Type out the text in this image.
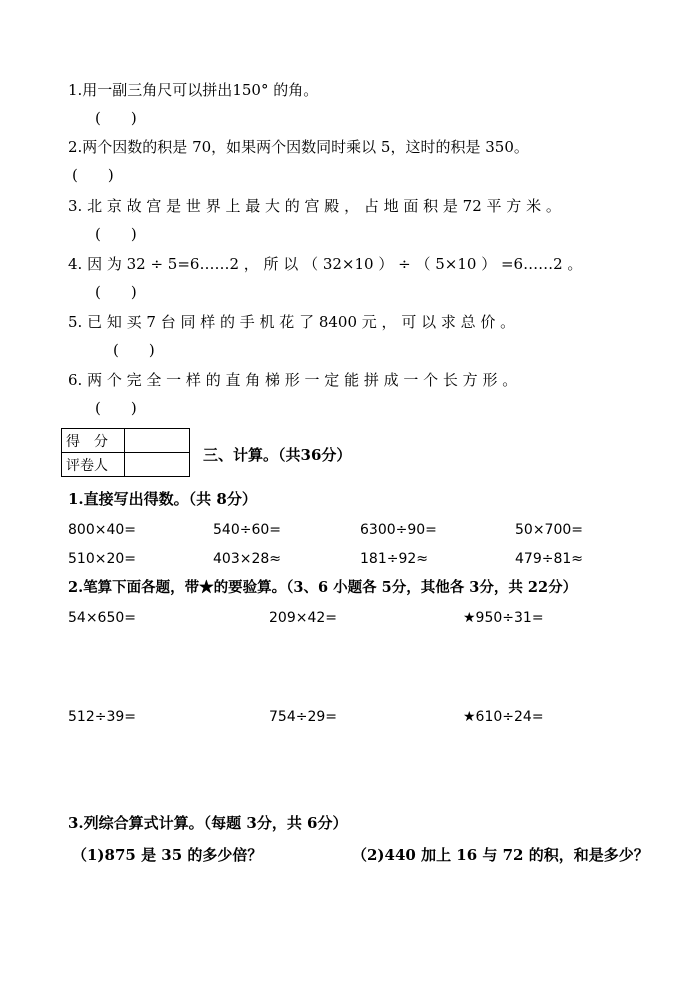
1.用一副三角尺可以拼出150° 的角。
(　　)
2.两个因数的积是 70，如果两个因数同时乘以 5，这时的积是 350。
(　　)
3. 北 京 故 宫 是 世 界 上 最 大 的 宫 殿 ， 占 地 面 积 是 72 平 方 米 。
(　　)
4. 因 为 32 ÷ 5=6……2 ， 所 以 （ 32×10 ） ÷ （ 5×10 ） =6……2 。
(　　)
5. 已 知 买 7 台 同 样 的 手 机 花 了 8400 元 ， 可 以 求 总 价 。
(　　)
6. 两 个 完 全 一 样 的 直 角 梯 形 一 定 能 拼 成 一 个 长 方 形 。
(　　)
得　分	
评卷人	
三、计算。（共36分）
1.直接写出得数。（共 8分）
800×40=	540÷60=	6300÷90=	50×700=
510×20=	403×28≈	181÷92≈	479÷81≈
2.笔算下面各题，带★的要验算。（3、6 小题各 5分，其他各 3分，共 22分）
54×650=	209×42=	★950÷31=
512÷39=	754÷29=	★610÷24=
3.列综合算式计算。（每题 3分，共 6分）
（1)875 是 35 的多少倍？	（2)440 加上 16 与 72 的积，和是多少？
